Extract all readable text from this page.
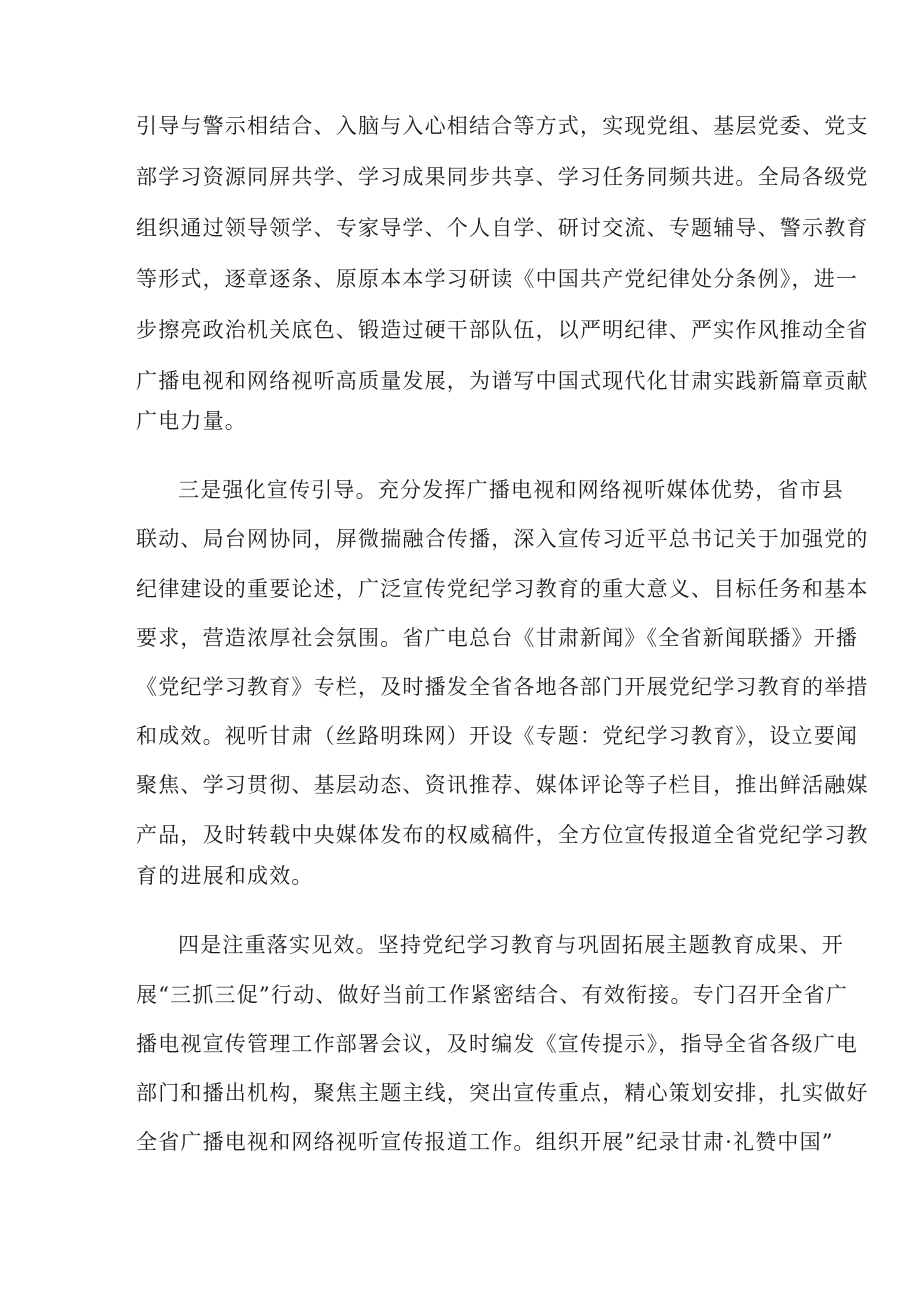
引导与警示相结合、入脑与入心相结合等方式，实现党组、基层党委、党支
部学习资源同屏共学、学习成果同步共享、学习任务同频共进。全局各级党
组织通过领导领学、专家导学、个人自学、研讨交流、专题辅导、警示教育
等形式，逐章逐条、原原本本学习研读《中国共产党纪律处分条例》，进一
步擦亮政治机关底色、锻造过硬干部队伍，以严明纪律、严实作风推动全省
广播电视和网络视听高质量发展，为谱写中国式现代化甘肃实践新篇章贡献
广电力量。
三是强化宣传引导。充分发挥广播电视和网络视听媒体优势，省市县
联动、局台网协同，屏微揣融合传播，深入宣传习近平总书记关于加强党的
纪律建设的重要论述，广泛宣传党纪学习教育的重大意义、目标任务和基本
要求，营造浓厚社会氛围。省广电总台《甘肃新闻》《全省新闻联播》开播
《党纪学习教育》专栏，及时播发全省各地各部门开展党纪学习教育的举措
和成效。视听甘肃（丝路明珠网）开设《专题：党纪学习教育》，设立要闻
聚焦、学习贯彻、基层动态、资讯推荐、媒体评论等子栏目，推出鲜活融媒
产品，及时转载中央媒体发布的权威稿件，全方位宣传报道全省党纪学习教
育的进展和成效。
四是注重落实见效。坚持党纪学习教育与巩固拓展主题教育成果、开
展“三抓三促”行动、做好当前工作紧密结合、有效衔接。专门召开全省广
播电视宣传管理工作部署会议，及时编发《宣传提示》，指导全省各级广电
部门和播出机构，聚焦主题主线，突出宣传重点，精心策划安排，扎实做好
全省广播电视和网络视听宣传报道工作。组织开展”纪录甘肃·礼赞中国”
